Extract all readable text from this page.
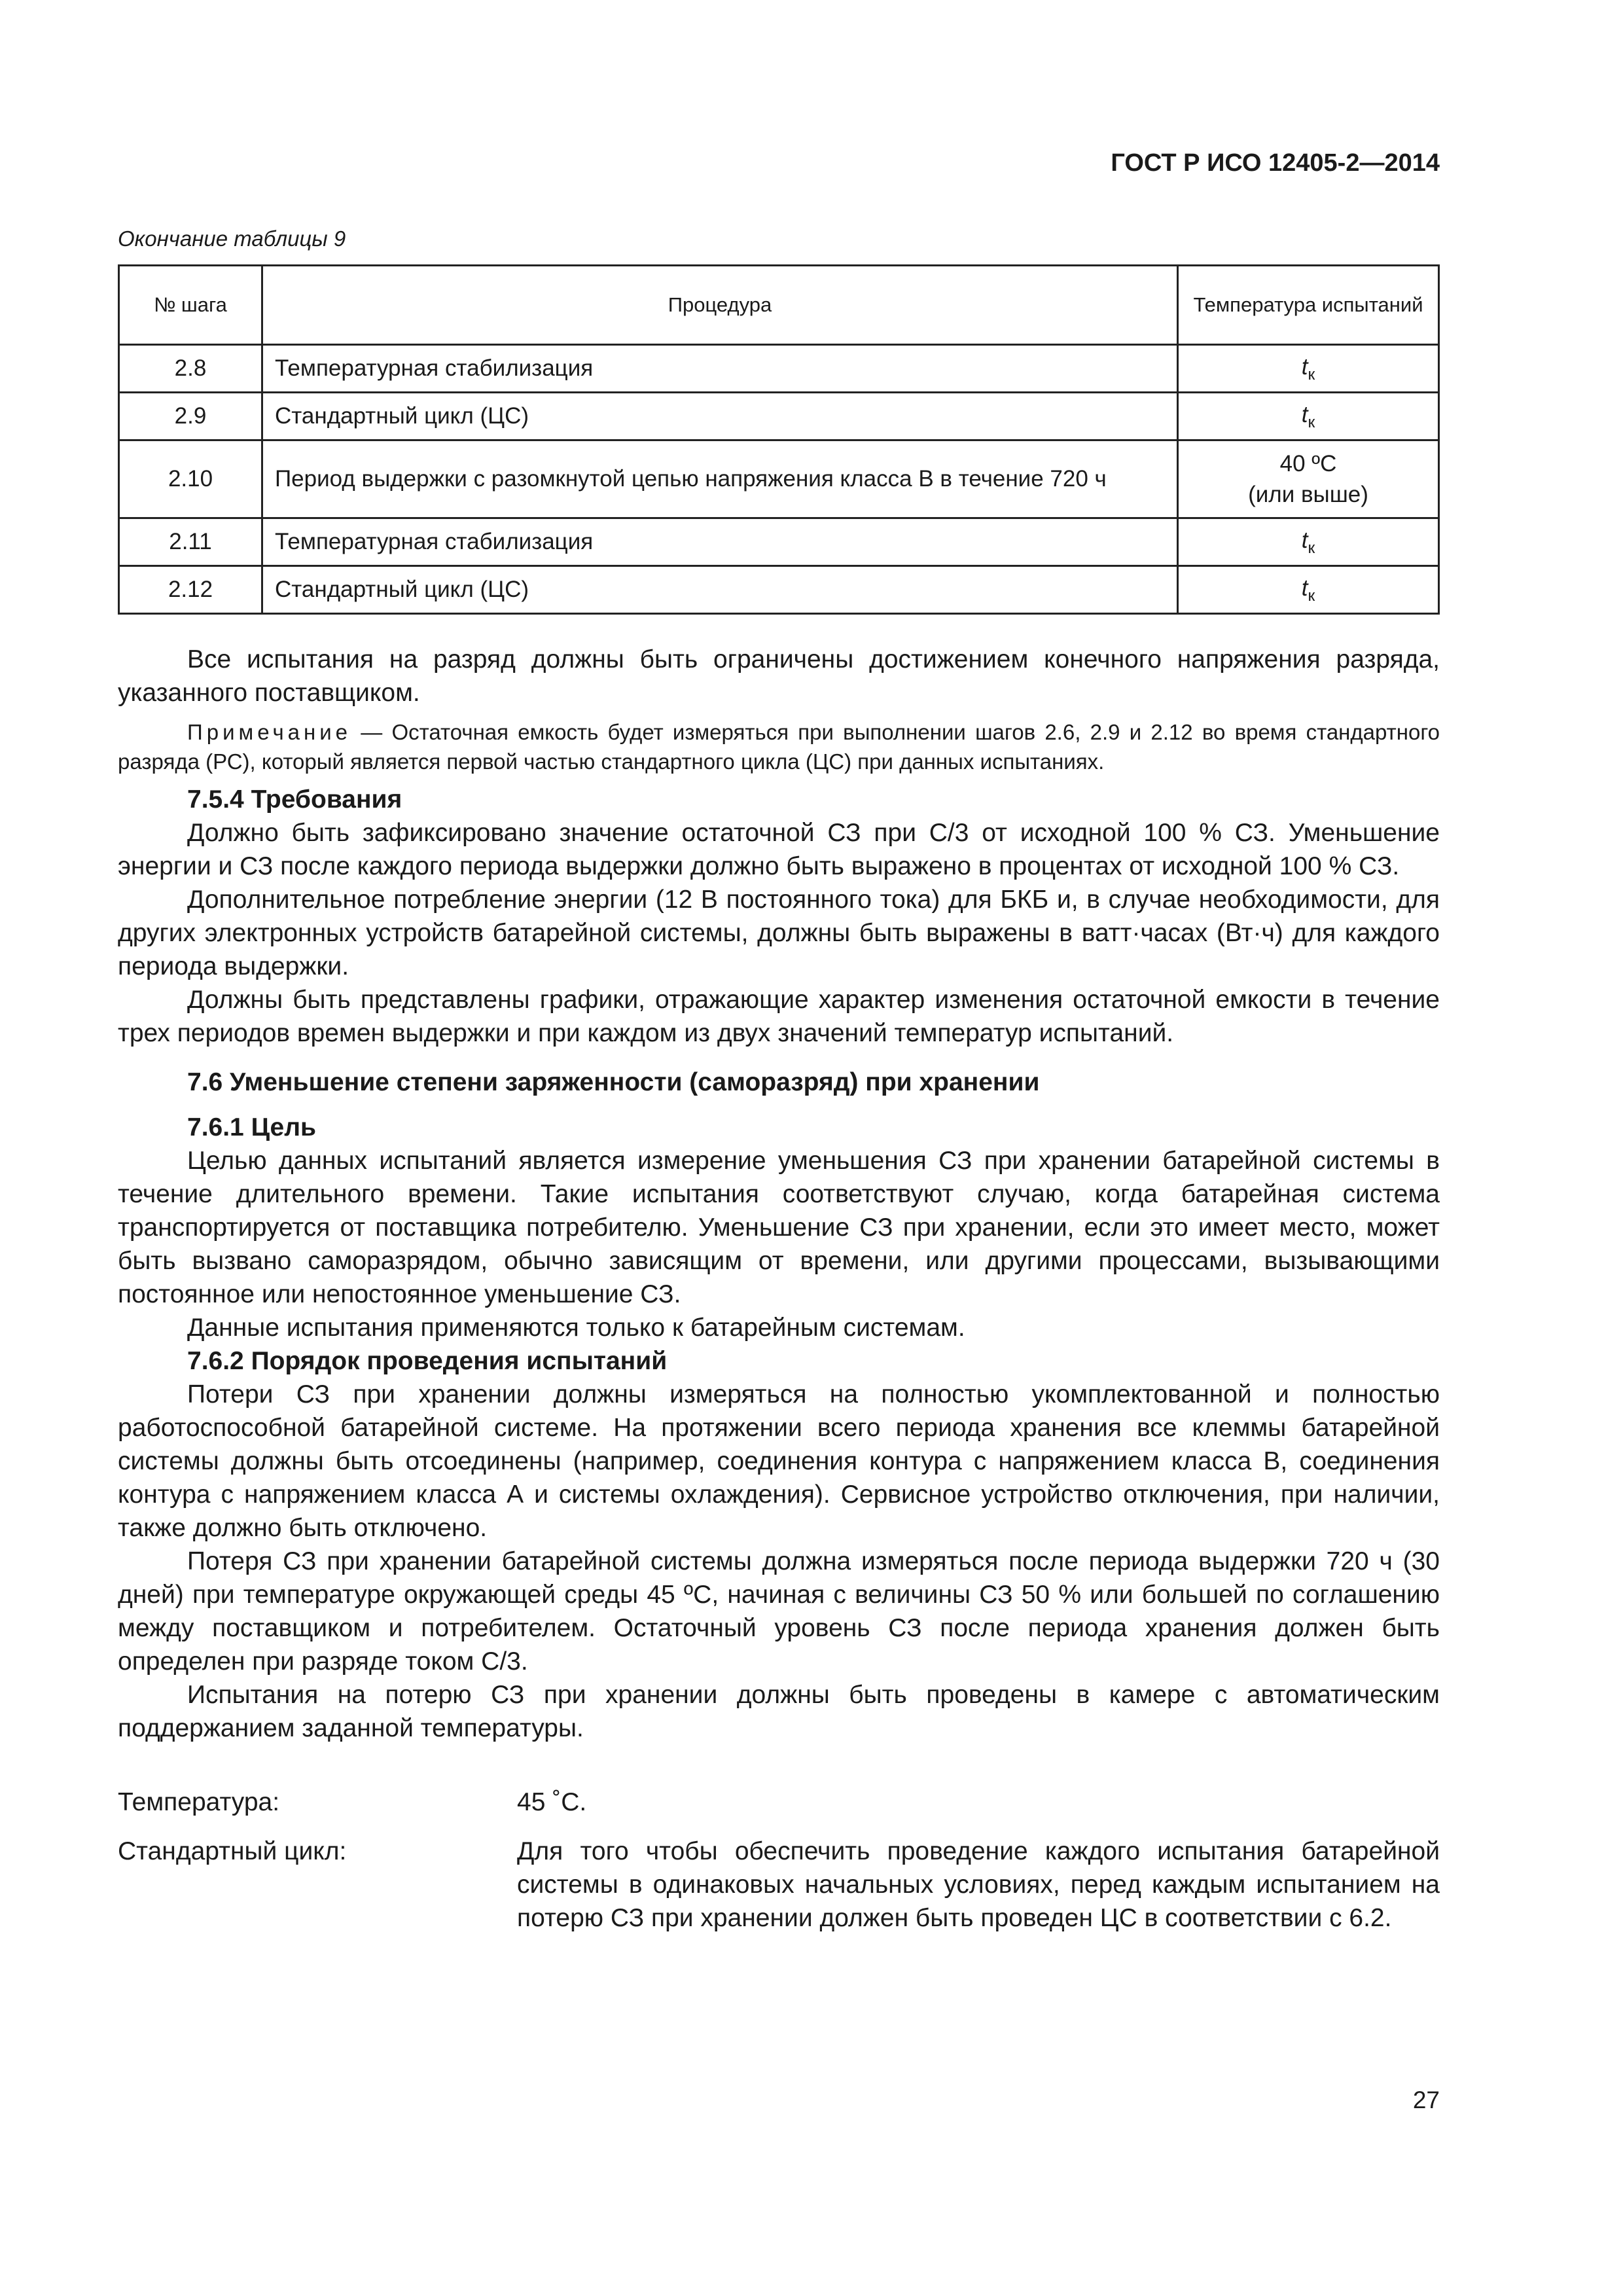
ГОСТ Р ИСО 12405-2—2014
Окончание таблицы 9
№ шага	Процедура	Температура испытаний
2.8	Температурная стабилизация	$t_к$
2.9	Стандартный цикл (ЦС)	$t_к$
2.10	Период выдержки с разомкнутой цепью напряжения класса В в течение 720 ч	40 ºС
(или выше)

2.11	Температурная стабилизация	$t_к$
2.12	Стандартный цикл (ЦС)	$t_к$

Все испытания на разряд должны быть ограничены достижением конечного напряжения разряда, указанного поставщиком.

Примечание — Остаточная емкость будет измеряться при выполнении шагов 2.6, 2.9 и 2.12 во время стандартного разряда (РС), который является первой частью стандартного цикла (ЦС) при данных испытаниях.

7.5.4 Требования

Должно быть зафиксировано значение остаточной СЗ при С/3 от исходной 100 % СЗ. Уменьшение энергии и СЗ после каждого периода выдержки должно быть выражено в процентах от исходной 100 % СЗ.

Дополнительное потребление энергии (12 В постоянного тока) для БКБ и, в случае необходимости, для других электронных устройств батарейной системы, должны быть выражены в ватт·часах (Вт·ч) для каждого периода выдержки.

Должны быть представлены графики, отражающие характер изменения остаточной емкости в течение трех периодов времен выдержки и при каждом из двух значений температур испытаний.

7.6 Уменьшение степени заряженности (саморазряд) при хранении
7.6.1 Цель

Целью данных испытаний является измерение уменьшения СЗ при хранении батарейной системы в течение длительного времени. Такие испытания соответствуют случаю, когда батарейная система транспортируется от поставщика потребителю. Уменьшение СЗ при хранении, если это имеет место, может быть вызвано саморазрядом, обычно зависящим от времени, или другими процессами, вызывающими постоянное или непостоянное уменьшение СЗ.

Данные испытания применяются только к батарейным системам.

7.6.2 Порядок проведения испытаний

Потери СЗ при хранении должны измеряться на полностью укомплектованной и полностью работоспособной батарейной системе. На протяжении всего периода хранения все клеммы батарейной системы должны быть отсоединены (например, соединения контура с напряжением класса В, соединения контура с напряжением класса А и системы охлаждения). Сервисное устройство отключения, при наличии, также должно быть отключено.

Потеря СЗ при хранении батарейной системы должна измеряться после периода выдержки 720 ч (30 дней) при температуре окружающей среды 45 ºС, начиная с величины СЗ 50 % или большей по соглашению между поставщиком и потребителем. Остаточный уровень СЗ после периода хранения должен быть определен при разряде током С/3.

Испытания на потерю СЗ при хранении должны быть проведены в камере с автоматическим поддержанием заданной температуры.

Температура:	45 ˚С.
Стандартный цикл:	Для того чтобы обеспечить проведение каждого испытания батарейной системы в одинаковых начальных условиях, перед каждым испытанием на потерю СЗ при хранении должен быть проведен ЦС в соответствии с 6.2.
27
